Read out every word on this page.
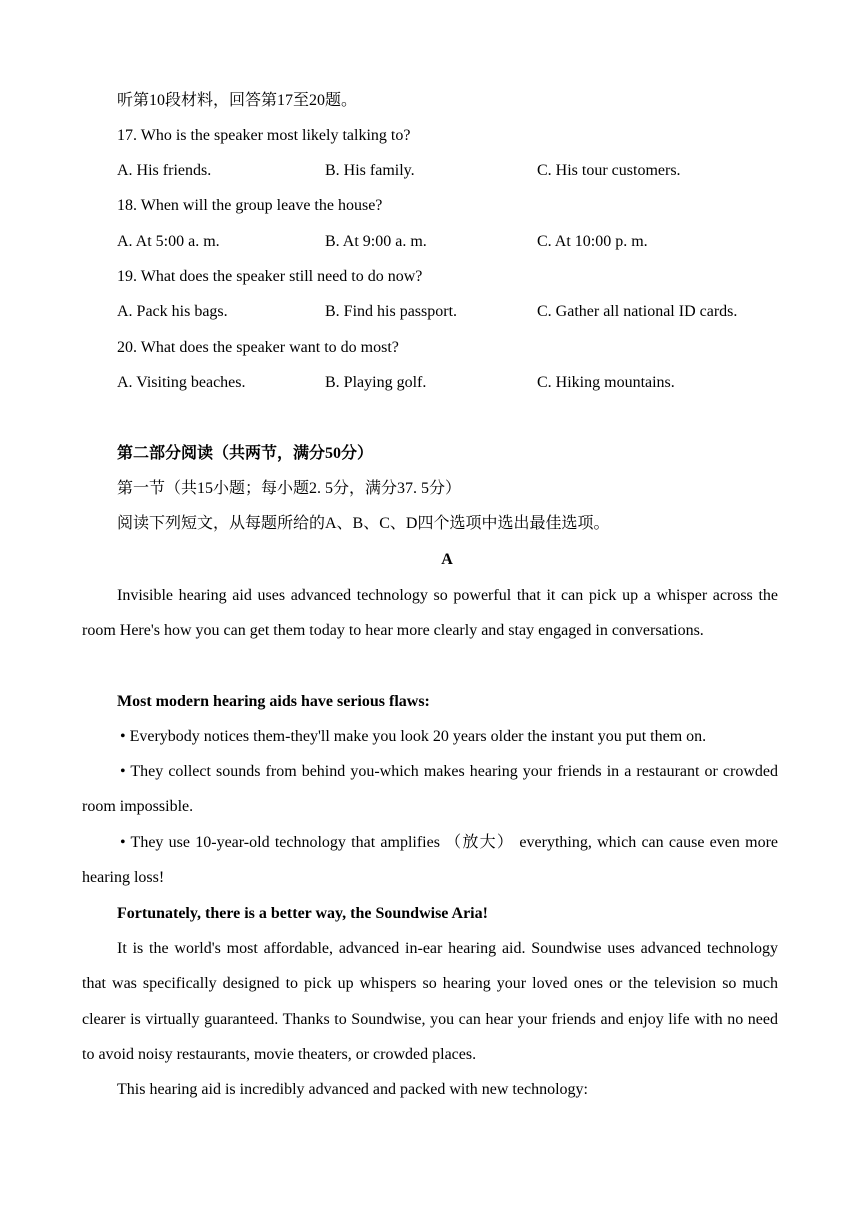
听第10段材料，回答第17至20题。
17. Who is the speaker most likely talking to?
A. His friends.	B. His family.	C. His tour customers.
18. When will the group leave the house?
A. At 5:00 a. m.	B. At 9:00 a. m.	C. At 10:00 p. m.
19. What does the speaker still need to do now?
A. Pack his bags.	B. Find his passport.	C. Gather all national ID cards.
20. What does the speaker want to do most?
A. Visiting beaches.	B. Playing golf.	C. Hiking mountains.
第二部分阅读（共两节，满分50分）
第一节（共15小题；每小题2. 5分，满分37. 5分）
阅读下列短文，从每题所给的A、B、C、D四个选项中选出最佳选项。
A

Invisible hearing aid uses advanced technology so powerful that it can pick up a whisper across the room Here's how you can get them today to hear more clearly and stay engaged in conversations.

Most modern hearing aids have serious flaws:

• Everybody notices them-they'll make you look 20 years older the instant you put them on.

• They collect sounds from behind you-which makes hearing your friends in a restaurant or crowded room impossible.

• They use 10-year-old technology that amplifies （放大） everything, which can cause even more hearing loss!

Fortunately, there is a better way, the Soundwise Aria!

It is the world's most affordable, advanced in-ear hearing aid. Soundwise uses advanced technology that was specifically designed to pick up whispers so hearing your loved ones or the television so much clearer is virtually guaranteed. Thanks to Soundwise, you can hear your friends and enjoy life with no need to avoid noisy restaurants, movie theaters, or crowded places.

This hearing aid is incredibly advanced and packed with new technology:
